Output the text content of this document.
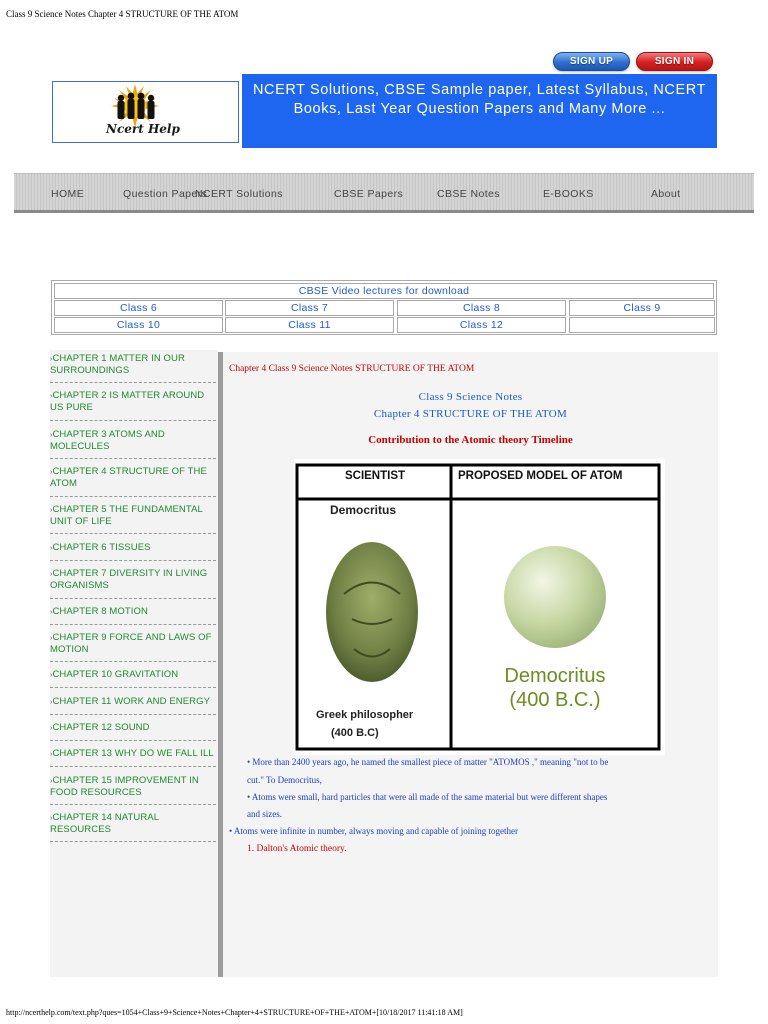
Class 9 Science Notes Chapter 4 STRUCTURE OF THE ATOM
SIGN UP	SIGN IN
Ncert Help
NCERT Solutions, CBSE Sample paper, Latest Syllabus, NCERT Books, Last Year Question Papers and Many More ...
HOME	Question Papers
NCERT Solutions	CBSE Papers	CBSE Notes	E-BOOKS	About
CBSE Video lectures for download
Class 6	Class 7	Class 8	Class 9
Class 10	Class 11	Class 12
›CHAPTER 1 MATTER IN OUR SURROUNDINGS
›CHAPTER 2 IS MATTER AROUND US PURE
›CHAPTER 3 ATOMS AND MOLECULES
›CHAPTER 4 STRUCTURE OF THE ATOM
›CHAPTER 5 THE FUNDAMENTAL UNIT OF LIFE
›CHAPTER 6 TISSUES
›CHAPTER 7 DIVERSITY IN LIVING ORGANISMS
›CHAPTER 8 MOTION
›CHAPTER 9 FORCE AND LAWS OF MOTION
›CHAPTER 10 GRAVITATION
›CHAPTER 11 WORK AND ENERGY
›CHAPTER 12 SOUND
›CHAPTER 13 WHY DO WE FALL ILL
›CHAPTER 15 IMPROVEMENT IN FOOD RESOURCES
›CHAPTER 14 NATURAL RESOURCES
Chapter 4 Class 9 Science Notes STRUCTURE OF THE ATOM
Class 9 Science Notes
Chapter 4 STRUCTURE OF THE ATOM
Contribution to the Atomic theory Timeline
SCIENTIST	PROPOSED MODEL OF ATOM
Democritus
Greek philosopher
(400 B.C)
Democritus
(400 B.C.)
• More than 2400 years ago, he named the smallest piece of matter "ATOMOS ," meaning "not to be
cut." To Democritus,
• Atoms were small, hard particles that were all made of the same material but were different shapes
and sizes.
• Atoms were infinite in number, always moving and capable of joining together
1. Dalton's Atomic theory.
http://ncerthelp.com/text.php?ques=1054+Class+9+Science+Notes+Chapter+4+STRUCTURE+OF+THE+ATOM+[10/18/2017 11:41:18 AM]
